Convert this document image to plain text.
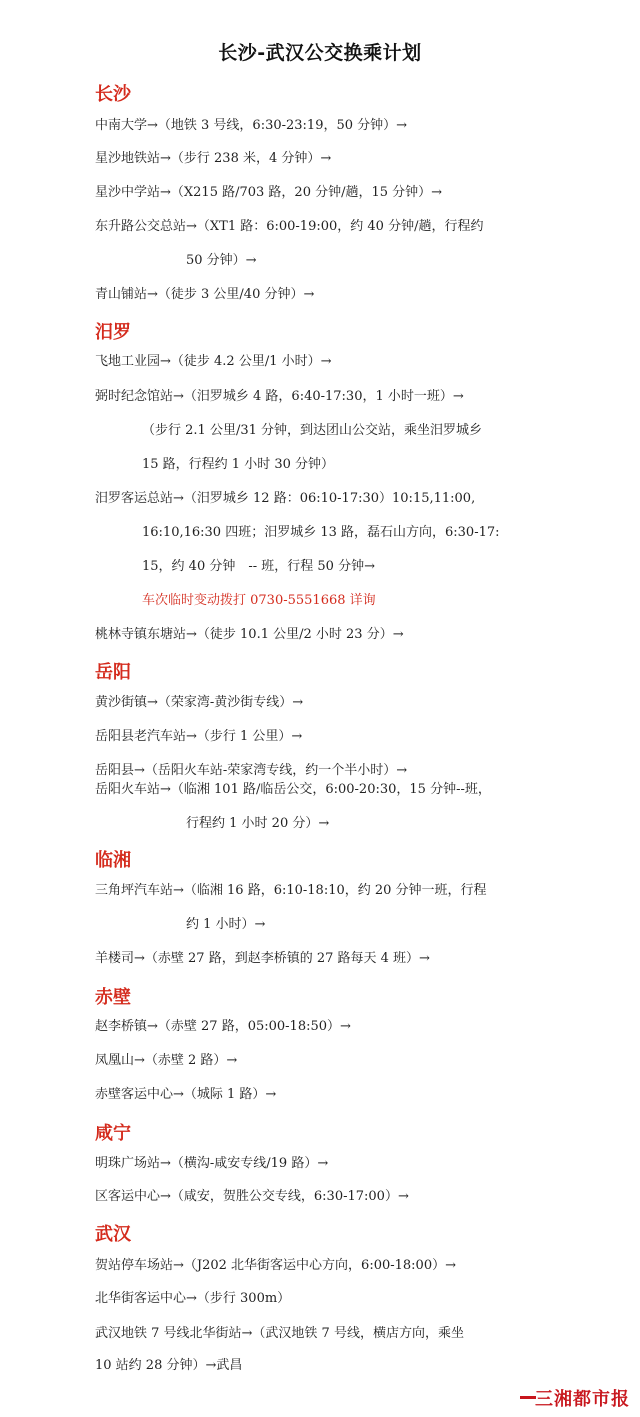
长沙-武汉公交换乘计划
长沙
中南大学→（地铁 3 号线，6:30-23:19，50 分钟）→
星沙地铁站→（步行 238 米，4 分钟）→
星沙中学站→（X215 路/703 路，20 分钟/趟，15 分钟）→
东升路公交总站→（XT1 路：6:00-19:00，约 40 分钟/趟，行程约
50 分钟）→
青山铺站→（徒步 3 公里/40 分钟）→
汨罗
飞地工业园→（徒步 4.2 公里/1 小时）→
弼时纪念馆站→（汨罗城乡 4 路，6:40-17:30，1 小时一班）→
（步行 2.1 公里/31 分钟，到达团山公交站，乘坐汨罗城乡
15 路，行程约 1 小时 30 分钟）
汨罗客运总站→（汨罗城乡 12 路：06:10-17:30）10:15,11:00,
16:10,16:30 四班；汨罗城乡 13 路，磊石山方向，6:30-17:
15，约 40 分钟　-- 班，行程 50 分钟→
车次临时变动拨打 0730-5551668 详询
桃林寺镇东塘站→（徒步 10.1 公里/2 小时 23 分）→
岳阳
黄沙街镇→（荣家湾-黄沙街专线）→
岳阳县老汽车站→（步行 1 公里）→
岳阳县→（岳阳火车站-荣家湾专线，约一个半小时）→
岳阳火车站→（临湘 101 路/临岳公交，6:00-20:30，15 分钟--班，
行程约 1 小时 20 分）→
临湘
三角坪汽车站→（临湘 16 路，6:10-18:10，约 20 分钟一班，行程
约 1 小时）→
羊楼司→（赤壁 27 路，到赵李桥镇的 27 路每天 4 班）→
赤壁
赵李桥镇→（赤壁 27 路，05:00-18:50）→
凤凰山→（赤壁 2 路）→
赤壁客运中心→（城际 1 路）→
咸宁
明珠广场站→（横沟-咸安专线/19 路）→
区客运中心→（咸安，贺胜公交专线，6:30-17:00）→
武汉
贺站停车场站→（J202 北华街客运中心方向，6:00-18:00）→
北华街客运中心→（步行 300m）
武汉地铁 7 号线北华街站→（武汉地铁 7 号线，横店方向，乘坐
10 站约 28 分钟）→武昌
三湘都市报
